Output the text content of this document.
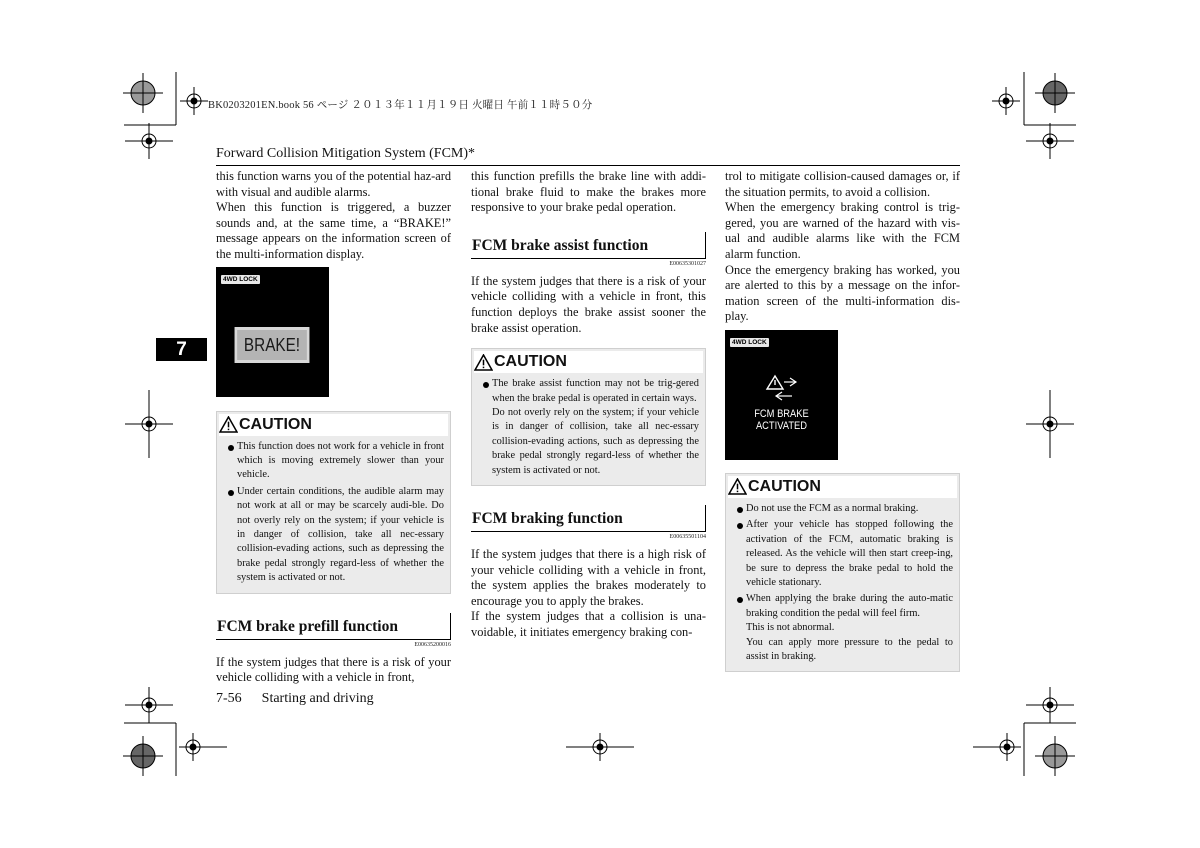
BK0203201EN.book 56 ページ ２０１３年１１月１９日 火曜日 午前１１時５０分
Forward Collision Mitigation System (FCM)*
7

this function warns you of the potential haz-ard with visual and audible alarms.

When this function is triggered, a buzzer sounds and, at the same time, a “BRAKE!” message appears on the information screen of the multi-information display.

4WD LOCK
BRAKE!
CAUTION
This function does not work for a vehicle in front which is moving extremely slower than your vehicle.
Under certain conditions, the audible alarm may not work at all or may be scarcely audi-ble. Do not overly rely on the system; if your vehicle is in danger of collision, take all nec-essary collision-evading actions, such as depressing the brake pedal strongly regard-less of whether the system is activated or not.
FCM brake prefill function
E00635200016

If the system judges that there is a risk of your vehicle colliding with a vehicle in front,

this function prefills the brake line with addi-tional brake fluid to make the brakes more responsive to your brake pedal operation.

FCM brake assist function
E00635301027

If the system judges that there is a risk of your vehicle colliding with a vehicle in front, this function deploys the brake assist sooner the brake assist operation.

CAUTION
The brake assist function may not be trig-gered when the brake pedal is operated in certain ways.
Do not overly rely on the system; if your vehicle is in danger of collision, take all nec-essary collision-evading actions, such as depressing the brake pedal strongly regard-less of whether the system is activated or not.
FCM braking function
E00635501104

If the system judges that there is a high risk of your vehicle colliding with a vehicle in front, the system applies the brakes moderately to encourage you to apply the brakes.

If the system judges that a collision is una-voidable, it initiates emergency braking con-

trol to mitigate collision-caused damages or, if the situation permits, to avoid a collision.

When the emergency braking control is trig-gered, you are warned of the hazard with vis-ual and audible alarms like with the FCM alarm function.

Once the emergency braking has worked, you are alerted to this by a message on the infor-mation screen of the multi-information dis-play.

4WD LOCK
FCM BRAKE
ACTIVATED
CAUTION
Do not use the FCM as a normal braking.
After your vehicle has stopped following the activation of the FCM, automatic braking is released. As the vehicle will then start creep-ing, be sure to depress the brake pedal to hold the vehicle stationary.
When applying the brake during the auto-matic braking condition the pedal will feel firm.
This is not abnormal.
You can apply more pressure to the pedal to assist in braking.
7-56 Starting and driving
